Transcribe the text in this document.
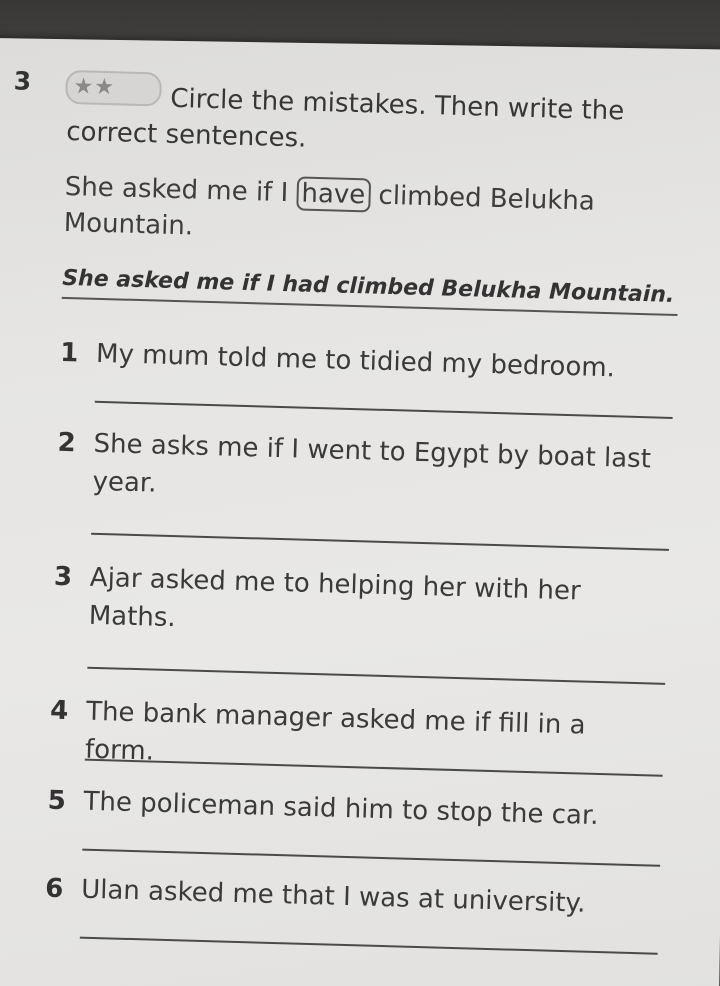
3	★★	Circle the mistakes. Then write the correct sentences.
She asked me if I have climbed Belukha Mountain.
She asked me if I had climbed Belukha Mountain.
1 My mum told me to tidied my bedroom.
2 She asks me if I went to Egypt by boat last year.
3 Ajar asked me to helping her with her Maths.
4 The bank manager asked me if fill in a form.
5 The policeman said him to stop the car.
6 Ulan asked me that I was at university.
